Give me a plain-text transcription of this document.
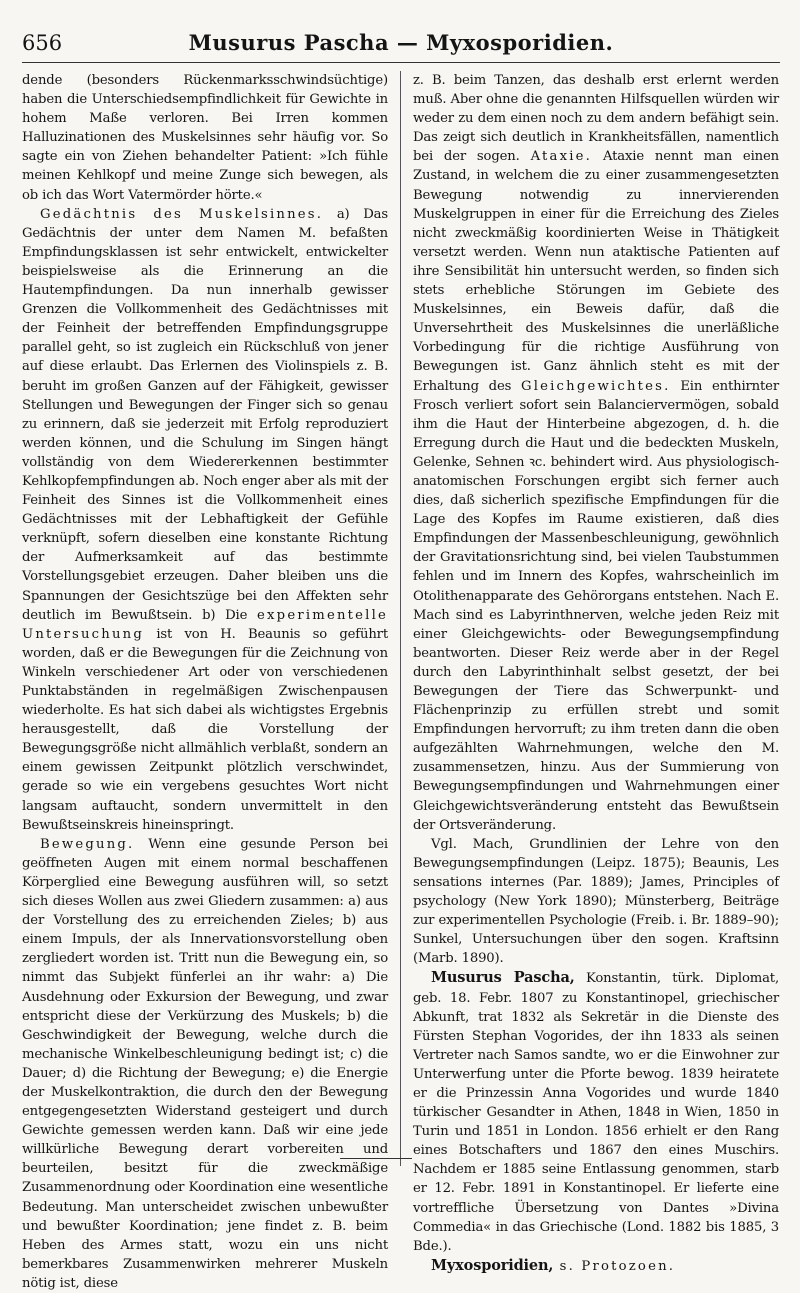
656	Musurus Pascha — Myxosporidien.

dende (besonders Rückenmarksschwindsüchtige) haben die Unterschiedsempfindlichkeit für Gewichte in hohem Maße verloren. Bei Irren kommen Halluzinationen des Muskelsinnes sehr häufig vor. So sagte ein von Ziehen behandelter Patient: »Ich fühle meinen Kehlkopf und meine Zunge sich bewegen, als ob ich das Wort Vatermörder hörte.«

Gedächtnis des Muskelsinnes. a) Das Gedächtnis der unter dem Namen M. befaßten Empfindungsklassen ist sehr entwickelt, entwickelter beispielsweise als die Erinnerung an die Hautempfindungen. Da nun innerhalb gewisser Grenzen die Vollkommenheit des Gedächtnisses mit der Feinheit der betreffenden Empfindungsgruppe parallel geht, so ist zugleich ein Rückschluß von jener auf diese erlaubt. Das Erlernen des Violinspiels z. B. beruht im großen Ganzen auf der Fähigkeit, gewisser Stellungen und Bewegungen der Finger sich so genau zu erinnern, daß sie jederzeit mit Erfolg reproduziert werden können, und die Schulung im Singen hängt vollständig von dem Wiedererkennen bestimmter Kehlkopfempfindungen ab. Noch enger aber als mit der Feinheit des Sinnes ist die Vollkommenheit eines Gedächtnisses mit der Lebhaftigkeit der Gefühle verknüpft, sofern dieselben eine konstante Richtung der Aufmerksamkeit auf das bestimmte Vorstellungsgebiet erzeugen. Daher bleiben uns die Spannungen der Gesichtszüge bei den Affekten sehr deutlich im Bewußtsein. b) Die experimentelle Untersuchung ist von H. Beaunis so geführt worden, daß er die Bewegungen für die Zeichnung von Winkeln verschiedener Art oder von verschiedenen Punktabständen in regelmäßigen Zwischenpausen wiederholte. Es hat sich dabei als wichtigstes Ergebnis herausgestellt, daß die Vorstellung der Bewegungsgröße nicht allmählich verblaßt, sondern an einem gewissen Zeitpunkt plötzlich verschwindet, gerade so wie ein vergebens gesuchtes Wort nicht langsam auftaucht, sondern unvermittelt in den Bewußtseinskreis hineinspringt.

Bewegung. Wenn eine gesunde Person bei geöffneten Augen mit einem normal beschaffenen Körperglied eine Bewegung ausführen will, so setzt sich dieses Wollen aus zwei Gliedern zusammen: a) aus der Vorstellung des zu erreichenden Zieles; b) aus einem Impuls, der als Innervationsvorstellung oben zergliedert worden ist. Tritt nun die Bewegung ein, so nimmt das Subjekt fünferlei an ihr wahr: a) Die Ausdehnung oder Exkursion der Bewegung, und zwar entspricht diese der Verkürzung des Muskels; b) die Geschwindigkeit der Bewegung, welche durch die mechanische Winkelbeschleunigung bedingt ist; c) die Dauer; d) die Richtung der Bewegung; e) die Energie der Muskelkontraktion, die durch den der Bewegung entgegengesetzten Widerstand gesteigert und durch Gewichte gemessen werden kann. Daß wir eine jede willkürliche Bewegung derart vorbereiten und beurteilen, besitzt für die zweckmäßige Zusammenordnung oder Koordination eine wesentliche Bedeutung. Man unterscheidet zwischen unbewußter und bewußter Koordination; jene findet z. B. beim Heben des Armes statt, wozu ein uns nicht bemerkbares Zusammenwirken mehrerer Muskeln nötig ist, diese

z. B. beim Tanzen, das deshalb erst erlernt werden muß. Aber ohne die genannten Hilfsquellen würden wir weder zu dem einen noch zu dem andern befähigt sein. Das zeigt sich deutlich in Krankheitsfällen, namentlich bei der sogen. Ataxie. Ataxie nennt man einen Zustand, in welchem die zu einer zusammengesetzten Bewegung notwendig zu innervierenden Muskelgruppen in einer für die Erreichung des Zieles nicht zweckmäßig koordinierten Weise in Thätigkeit versetzt werden. Wenn nun ataktische Patienten auf ihre Sensibilität hin untersucht werden, so finden sich stets erhebliche Störungen im Gebiete des Muskelsinnes, ein Beweis dafür, daß die Unversehrtheit des Muskelsinnes die unerläßliche Vorbedingung für die richtige Ausführung von Bewegungen ist. Ganz ähnlich steht es mit der Erhaltung des Gleichgewichtes. Ein enthirnter Frosch verliert sofort sein Balanciervermögen, sobald ihm die Haut der Hinterbeine abgezogen, d. h. die Erregung durch die Haut und die bedeckten Muskeln, Gelenke, Sehnen ꝛc. behindert wird. Aus physiologisch-anatomischen Forschungen ergibt sich ferner auch dies, daß sicherlich spezifische Empfindungen für die Lage des Kopfes im Raume existieren, daß dies Empfindungen der Massenbeschleunigung, gewöhnlich der Gravitationsrichtung sind, bei vielen Taubstummen fehlen und im Innern des Kopfes, wahrscheinlich im Otolithenapparate des Gehörorgans entstehen. Nach E. Mach sind es Labyrinthnerven, welche jeden Reiz mit einer Gleichgewichts- oder Bewegungsempfindung beantworten. Dieser Reiz werde aber in der Regel durch den Labyrinthinhalt selbst gesetzt, der bei Bewegungen der Tiere das Schwerpunkt- und Flächenprinzip zu erfüllen strebt und somit Empfindungen hervorruft; zu ihm treten dann die oben aufgezählten Wahrnehmungen, welche den M. zusammensetzen, hinzu. Aus der Summierung von Bewegungsempfindungen und Wahrnehmungen einer Gleichgewichtsveränderung entsteht das Bewußtsein der Ortsveränderung.

Vgl. Mach, Grundlinien der Lehre von den Bewegungsempfindungen (Leipz. 1875); Beaunis, Les sensations internes (Par. 1889); James, Principles of psychology (New York 1890); Münsterberg, Beiträge zur experimentellen Psychologie (Freib. i. Br. 1889–90); Sunkel, Untersuchungen über den sogen. Kraftsinn (Marb. 1890).

Musurus Pascha, Konstantin, türk. Diplomat, geb. 18. Febr. 1807 zu Konstantinopel, griechischer Abkunft, trat 1832 als Sekretär in die Dienste des Fürsten Stephan Vogorides, der ihn 1833 als seinen Vertreter nach Samos sandte, wo er die Einwohner zur Unterwerfung unter die Pforte bewog. 1839 heiratete er die Prinzessin Anna Vogorides und wurde 1840 türkischer Gesandter in Athen, 1848 in Wien, 1850 in Turin und 1851 in London. 1856 erhielt er den Rang eines Botschafters und 1867 den eines Muschirs. Nachdem er 1885 seine Entlassung genommen, starb er 12. Febr. 1891 in Konstantinopel. Er lieferte eine vortreffliche Übersetzung von Dantes »Divina Commedia« in das Griechische (Lond. 1882 bis 1885, 3 Bde.).

Myxosporidien, s. Protozoen.
